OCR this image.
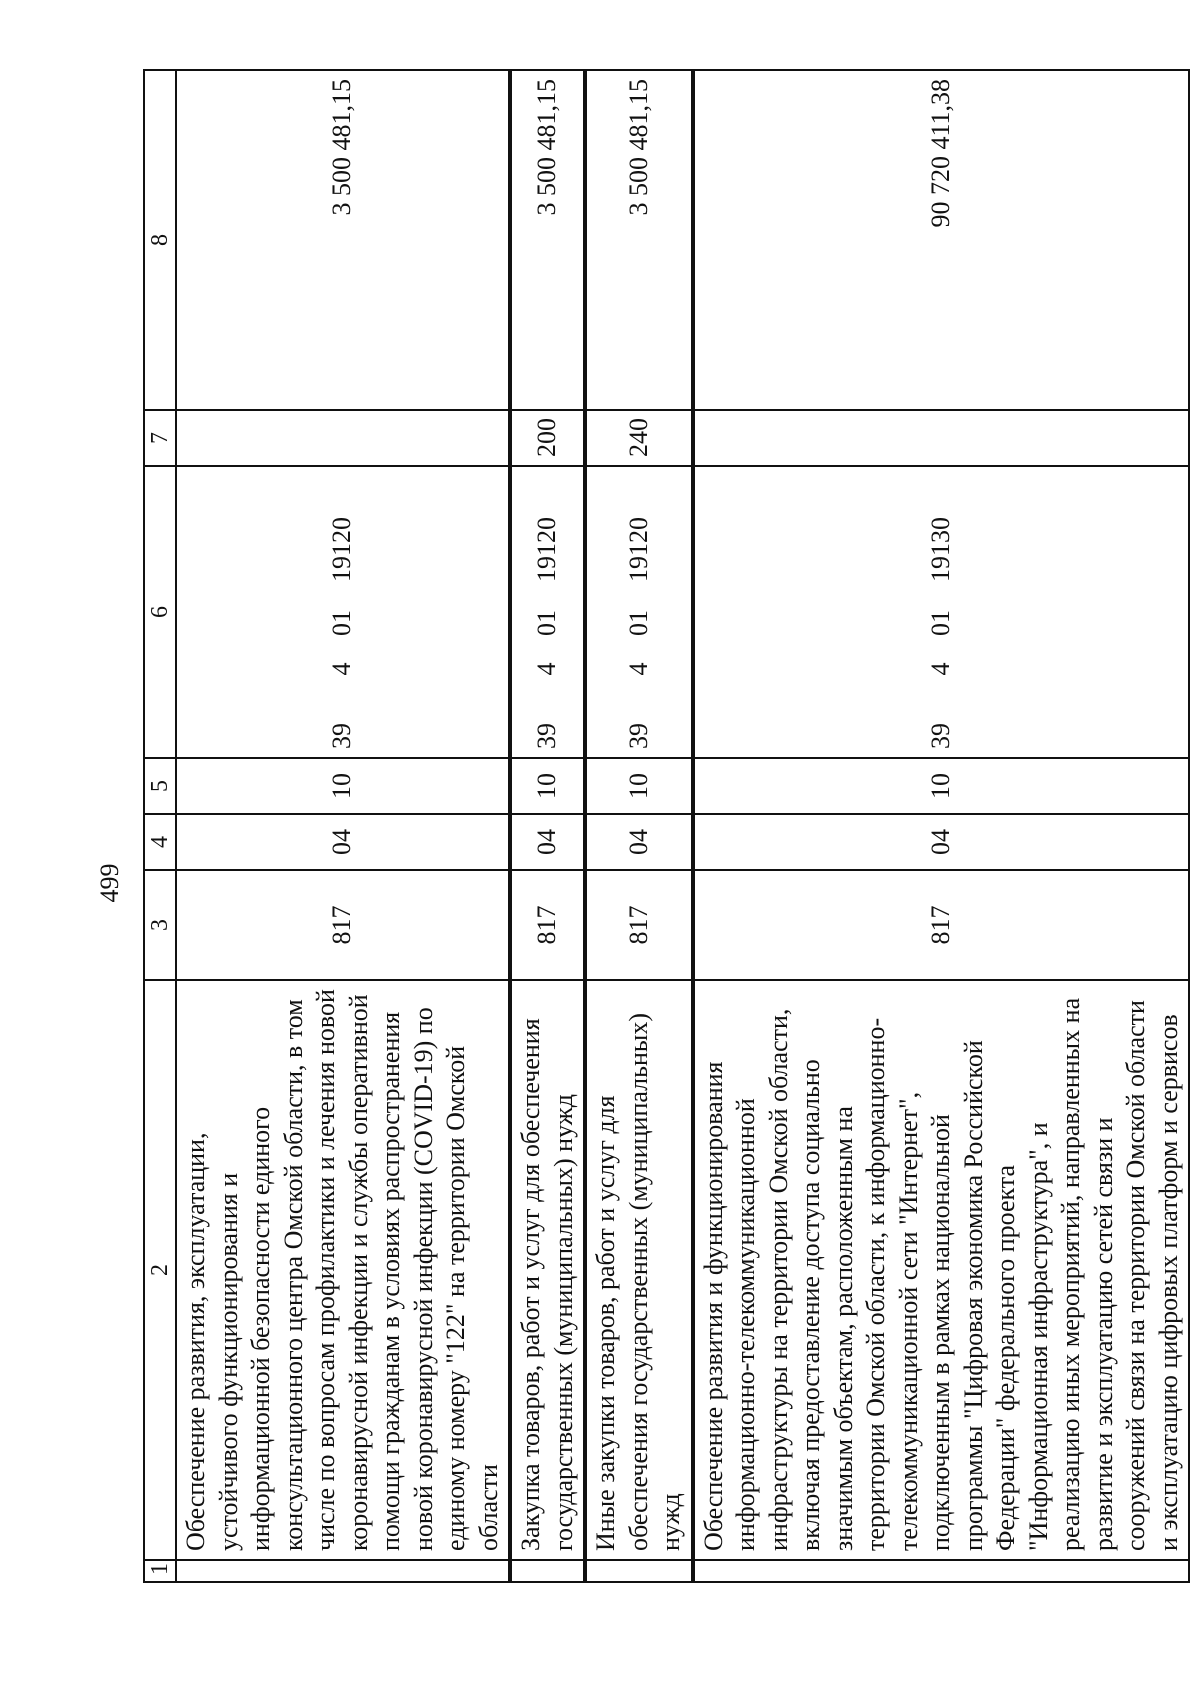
499
1	2	3	4	5	6	7	8
	Обеспечение развития, эксплуатации, устойчивого функционирования и информационной безопасности единого консультационного центра Омской области, в том числе по вопросам профилактики и лечения новой коронавирусной инфекции и службы оперативной помощи гражданам в условиях распространения новой коронавирусной инфекции (COVID-19) по единому номеру "122" на территории Омской области	817	04	10	3940119120		3 500 481,15

	Закупка товаров, работ и услуг для обеспечения государственных (муниципальных) нужд	817	04	10	3940119120	200	3 500 481,15

	Иные закупки товаров, работ и услуг для обеспечения государственных (муниципальных) нужд	817	04	10	3940119120	240	3 500 481,15

	Обеспечение развития и функционирования информационно-телекоммуникационной инфраструктуры на территории Омской области, включая предоставление доступа социально значимым объектам, расположенным на территории Омской области, к информационно-телекоммуникационной сети "Интернет", подключенным в рамках национальной программы "Цифровая экономика Российской Федерации" федерального проекта "Информационная инфраструктура", и реализацию иных мероприятий, направленных на развитие и эксплуатацию сетей связи и сооружений связи на территории Омской области и эксплуатацию цифровых платформ и сервисов	817	04	10	3940119130		90 720 411,38
